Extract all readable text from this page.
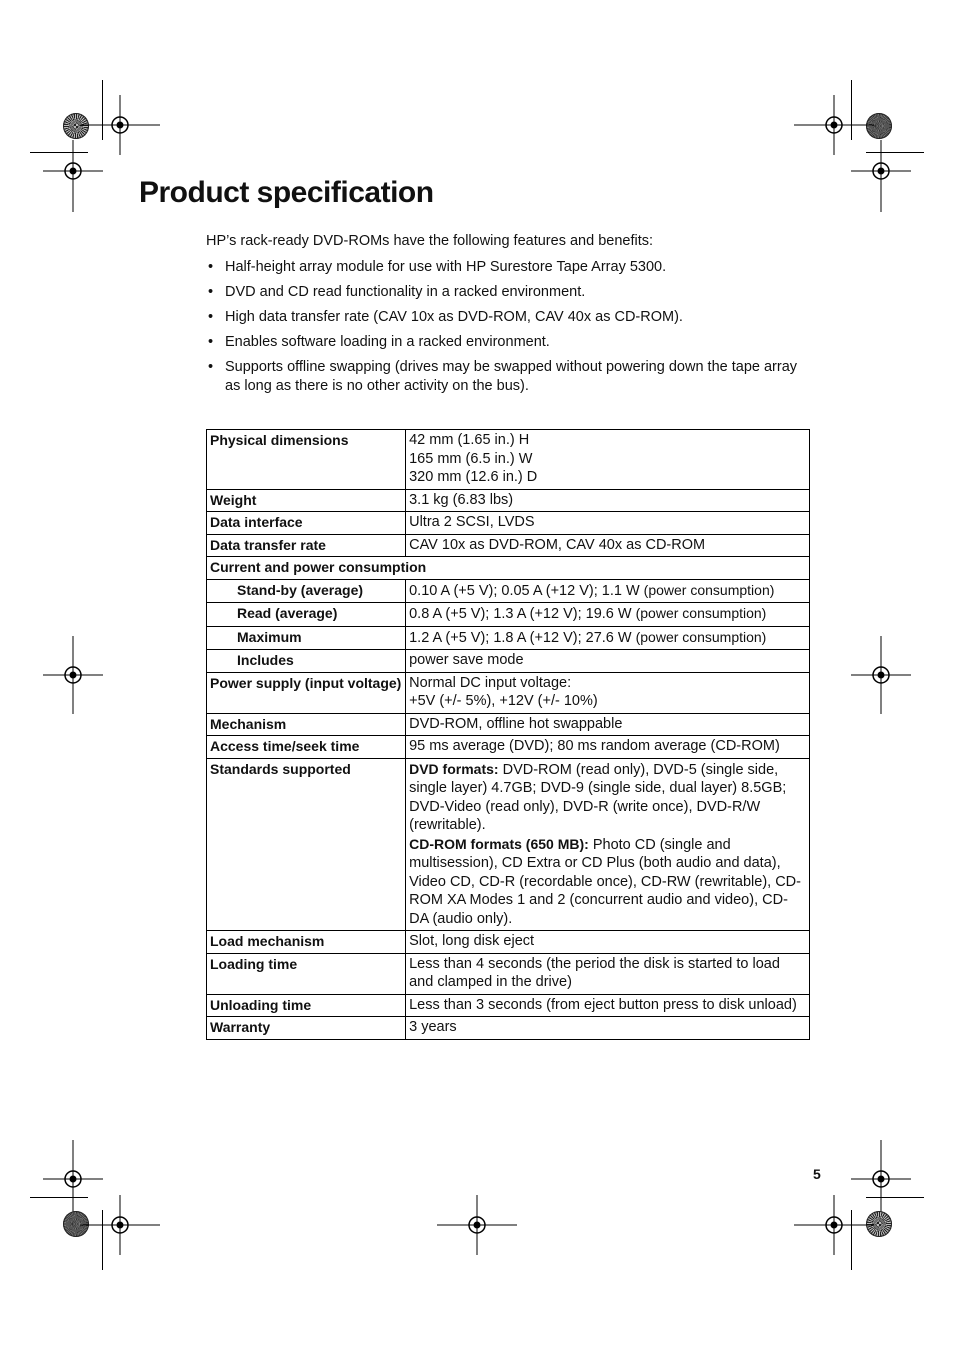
Product specification

HP’s rack-ready DVD-ROMs have the following features and benefits:

• Half-height array module for use with HP Surestore Tape Array 5300.
• DVD and CD read functionality in a racked environment.
• High data transfer rate (CAV 10x as DVD-ROM, CAV 40x as CD-ROM).
• Enables software loading in a racked environment.
• Supports offline swapping (drives may be swapped without powering down the tape array as long as there is no other activity on the bus).
Physical dimensions	42 mm (1.65 in.) H
165 mm (6.5 in.) W
320 mm (12.6 in.) D

Weight	3.1 kg (6.83 lbs)
Data interface	Ultra 2 SCSI, LVDS
Data transfer rate	CAV 10x as DVD-ROM, CAV 40x as CD-ROM
Current and power consumption	
Stand-by (average)	0.10 A (+5 V); 0.05 A (+12 V); 1.1 W (power consumption)
Read (average)	0.8 A (+5 V); 1.3 A (+12 V); 19.6 W (power consumption)
Maximum	1.2 A (+5 V); 1.8 A (+12 V); 27.6 W (power consumption)
Includes	power save mode
Power supply (input voltage)	Normal DC input voltage:
+5V (+/- 5%), +12V (+/- 10%)

Mechanism	DVD-ROM, offline hot swappable
Access time/seek time	95 ms average (DVD); 80 ms random average (CD-ROM)
Standards supported	DVD formats: DVD-ROM (read only), DVD-5 (single side, single layer) 4.7GB; DVD-9 (single side, dual layer) 8.5GB; DVD-Video (read only), DVD-R (write once), DVD-R/W (rewritable).
CD-ROM formats (650 MB): Photo CD (single and multisession), CD Extra or CD Plus (both audio and data), Video CD, CD-R (recordable once), CD-RW (rewritable), CD-ROM XA Modes 1 and 2 (concurrent audio and video), CD-DA (audio only).
Load mechanism	Slot, long disk eject
Loading time	Less than 4 seconds (the period the disk is started to load and clamped in the drive)
Unloading time	Less than 3 seconds (from eject button press to disk unload)
Warranty	3 years
5
